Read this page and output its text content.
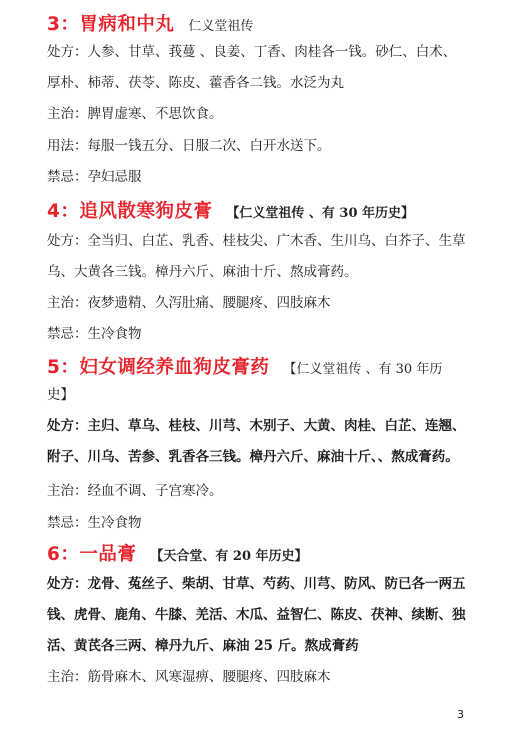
3：胃病和中丸 仁义堂祖传
处方：人参、甘草、莪蔓 、良姜、丁香、肉桂各一钱。砂仁、白术、
厚朴、柿蒂、茯苓、陈皮、藿香各二钱。水泛为丸
主治：脾胃虚寒、不思饮食。
用法：每服一钱五分、日服二次、白开水送下。
禁忌：孕妇忌服
4：追风散寒狗皮膏 【仁义堂祖传 、有 30 年历史】
处方：全当归、白芷、乳香、桂枝尖、广木香、生川乌、白芥子、生草
乌、大黄各三钱。樟丹六斤、麻油十斤、熬成膏药。
主治：夜梦遗精、久泻肚痛、腰腿疼、四肢麻木
禁忌：生冷食物
5：妇女调经养血狗皮膏药 【仁义堂祖传 、有 30 年历
史】
处方：主归、草乌、桂枝、川芎、木别子、大黄、肉桂、白芷、连翘、
附子、川乌、苦参、乳香各三钱。樟丹六斤、麻油十斤、、熬成膏药。
主治：经血不调、子宫寒冷。
禁忌：生冷食物
6：一品膏 【天合堂、有 20 年历史】
处方：龙骨、菟丝子、柴胡、甘草、芍药、川芎、防风、防已各一两五
钱、虎骨、鹿角、牛膝、羌活、木瓜、益智仁、陈皮、茯神、续断、独
活、黄芪各三两、樟丹九斤、麻油 25 斤。熬成膏药
主治：筋骨麻木、风寒湿痹、腰腿疼、四肢麻木
3
